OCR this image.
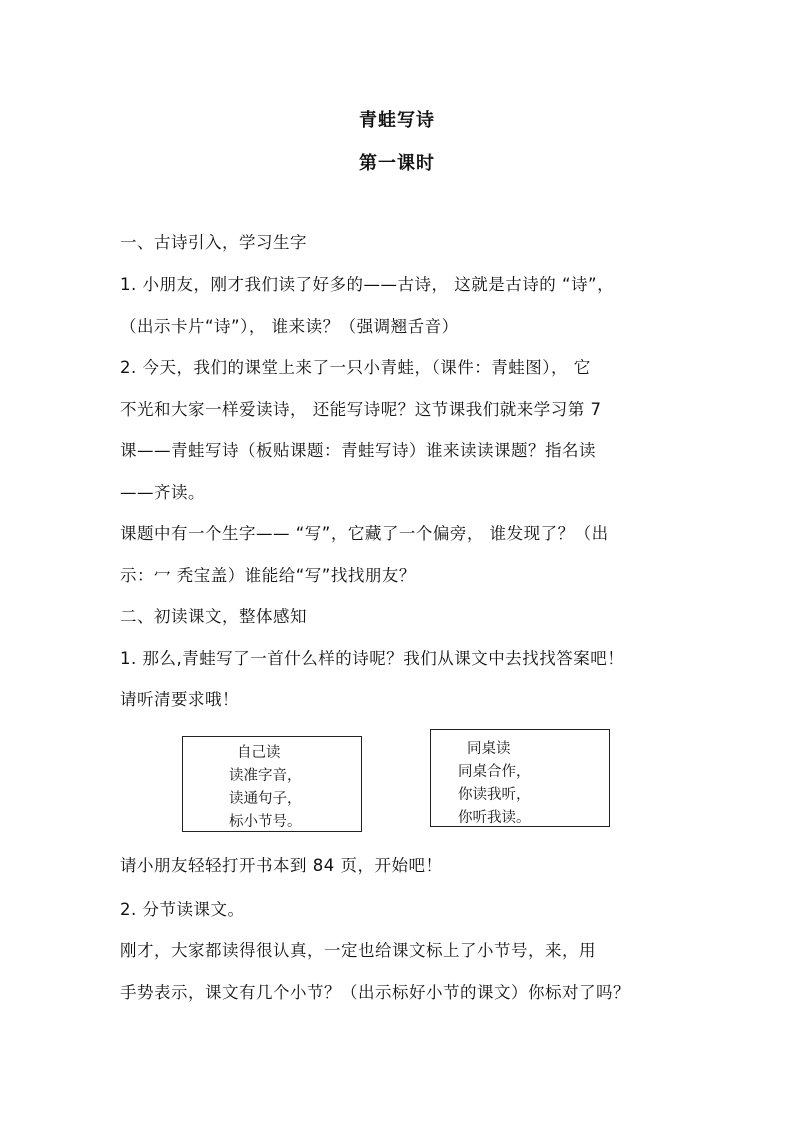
青蛙写诗
第一课时
一、古诗引入，学习生字
1. 小朋友，刚才我们读了好多的——古诗， 这就是古诗的 “诗”，
（出示卡片“诗”）， 谁来读？（强调翘舌音）
2. 今天，我们的课堂上来了一只小青蛙，（课件：青蛙图）， 它
不光和大家一样爱读诗， 还能写诗呢？这节课我们就来学习第 7
课——青蛙写诗（板贴课题：青蛙写诗）谁来读读课题？指名读
——齐读。
课题中有一个生字—— “写”，它藏了一个偏旁， 谁发现了？（出
示：冖 秃宝盖）谁能给“写”找找朋友？
二、初读课文，整体感知
1. 那么,青蛙写了一首什么样的诗呢？我们从课文中去找找答案吧！
请听清要求哦！
自己读
读准字音，
读通句子，
标小节号。
同桌读
同桌合作，
你读我听，
你听我读。
请小朋友轻轻打开书本到 84 页，开始吧！
2. 分节读课文。
刚才，大家都读得很认真，一定也给课文标上了小节号，来，用
手势表示，课文有几个小节？（出示标好小节的课文）你标对了吗？
